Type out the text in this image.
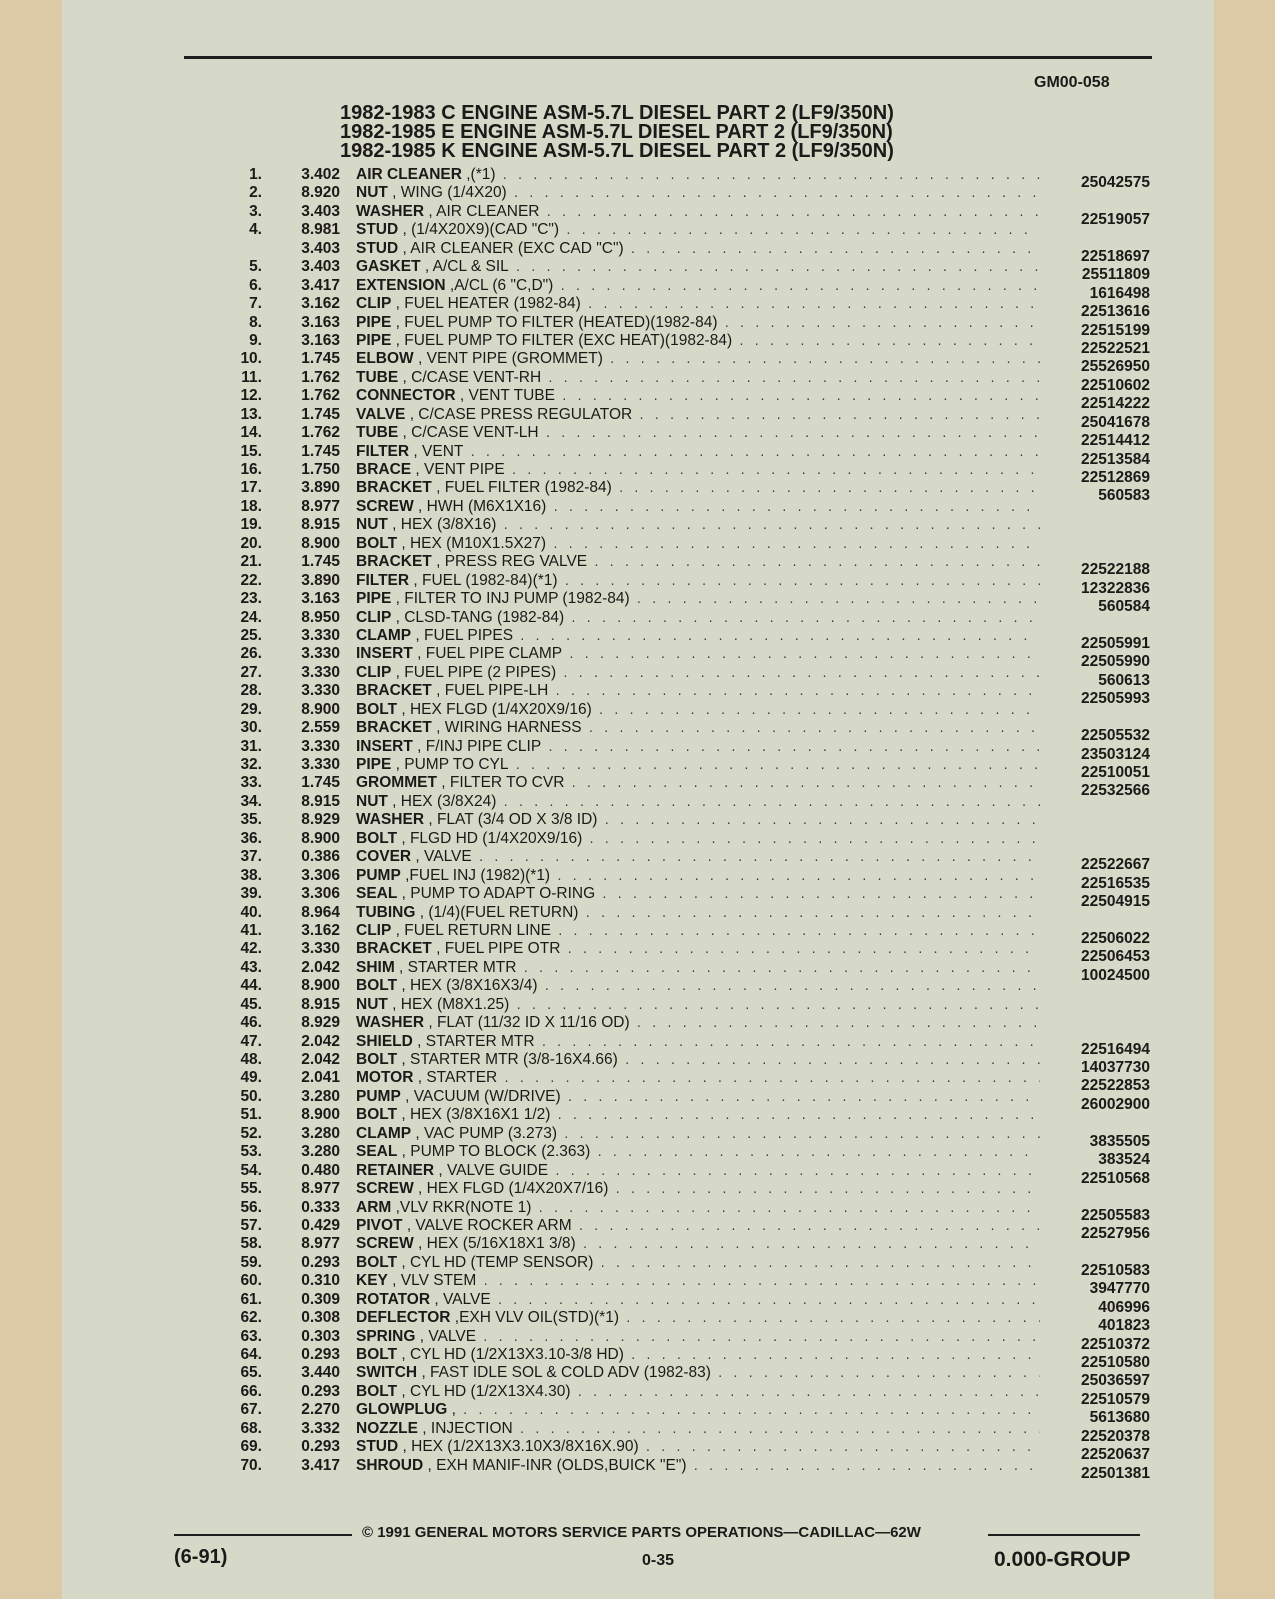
GM00-058
1982-1983 C ENGINE ASM-5.7L DIESEL PART 2 (LF9/350N)
1982-1985 E ENGINE ASM-5.7L DIESEL PART 2 (LF9/350N)
1982-1985 K ENGINE ASM-5.7L DIESEL PART 2 (LF9/350N)
1.	3.402 AIR CLEANER ,(*1) . . .	25042575
2.	8.920 NUT , WING (1/4X20)
. . .
3.	3.403 WASHER , AIR CLEANER . . .	22519057
4.	8.981 STUD , (1/4X20X9)(CAD "C")
. . .
3.403 STUD , AIR CLEANER (EXC CAD "C") . . .	22518697
5.	3.403 GASKET , A/CL & SIL . . .	25511809
6.	3.417 EXTENSION ,A/CL (6 "C,D") . . .	1616498
7.	3.162 CLIP , FUEL HEATER (1982-84) . . .	22513616
8.	3.163 PIPE , FUEL PUMP TO FILTER (HEATED)(1982-84) . . .	22515199
9.	3.163 PIPE , FUEL PUMP TO FILTER (EXC HEAT)(1982-84) . . .	22522521
10.	1.745 ELBOW , VENT PIPE (GROMMET) . . .	25526950
11.	1.762 TUBE , C/CASE VENT-RH . . .	22510602
12.	1.762 CONNECTOR , VENT TUBE . . .	22514222
13.	1.745 VALVE , C/CASE PRESS REGULATOR . . .	25041678
14.	1.762 TUBE , C/CASE VENT-LH . . .	22514412
15.	1.745 FILTER , VENT . . .	22513584
16.	1.750 BRACE , VENT PIPE . . .	22512869
17.	3.890 BRACKET , FUEL FILTER (1982-84) . . .	560583
18.	8.977 SCREW , HWH (M6X1X16)
. . .
19.	8.915 NUT , HEX (3/8X16)
. . .
20.	8.900 BOLT , HEX (M10X1.5X27)
. . .
21.	1.745 BRACKET , PRESS REG VALVE . . .	22522188
22.	3.890 FILTER , FUEL (1982-84)(*1) . . .	12322836
23.	3.163 PIPE , FILTER TO INJ PUMP (1982-84) . . .	560584
24.	8.950 CLIP , CLSD-TANG (1982-84)
. . .
25.	3.330 CLAMP , FUEL PIPES . . .	22505991
26.	3.330 INSERT , FUEL PIPE CLAMP . . .	22505990
27.	3.330 CLIP , FUEL PIPE (2 PIPES) . . .	560613
28.	3.330 BRACKET , FUEL PIPE-LH . . .	22505993
29.	8.900 BOLT , HEX FLGD (1/4X20X9/16)
. . .
30.	2.559 BRACKET , WIRING HARNESS . . .	22505532
31.	3.330 INSERT , F/INJ PIPE CLIP . . .	23503124
32.	3.330 PIPE , PUMP TO CYL . . .	22510051
33.	1.745 GROMMET , FILTER TO CVR . . .	22532566
34.	8.915 NUT , HEX (3/8X24)
. . .
35.	8.929 WASHER , FLAT (3/4 OD X 3/8 ID)
. . .
36.	8.900 BOLT , FLGD HD (1/4X20X9/16)
. . .
37.	0.386 COVER , VALVE . . .	22522667
38.	3.306 PUMP ,FUEL INJ (1982)(*1) . . .	22516535
39.	3.306 SEAL , PUMP TO ADAPT O-RING . . .	22504915
40.	8.964 TUBING , (1/4)(FUEL RETURN)
. . .
41.	3.162 CLIP , FUEL RETURN LINE . . .	22506022
42.	3.330 BRACKET , FUEL PIPE OTR . . .	22506453
43.	2.042 SHIM , STARTER MTR . . .	10024500
44.	8.900 BOLT , HEX (3/8X16X3/4)
. . .
45.	8.915 NUT , HEX (M8X1.25)
. . .
46.	8.929 WASHER , FLAT (11/32 ID X 11/16 OD)
. . .
47.	2.042 SHIELD , STARTER MTR . . .	22516494
48.	2.042 BOLT , STARTER MTR (3/8-16X4.66) . . .	14037730
49.	2.041 MOTOR , STARTER . . .	22522853
50.	3.280 PUMP , VACUUM (W/DRIVE) . . .	26002900
51.	8.900 BOLT , HEX (3/8X16X1 1/2)
. . .
52.	3.280 CLAMP , VAC PUMP (3.273) . . .	3835505
53.	3.280 SEAL , PUMP TO BLOCK (2.363) . . .	383524
54.	0.480 RETAINER , VALVE GUIDE . . .	22510568
55.	8.977 SCREW , HEX FLGD (1/4X20X7/16)
. . .
56.	0.333 ARM ,VLV RKR(NOTE 1) . . .	22505583
57.	0.429 PIVOT , VALVE ROCKER ARM . . .	22527956
58.	8.977 SCREW , HEX (5/16X18X1 3/8)
. . .
59.	0.293 BOLT , CYL HD (TEMP SENSOR) . . .	22510583
60.	0.310 KEY , VLV STEM . . .	3947770
61.	0.309 ROTATOR , VALVE . . .	406996
62.	0.308 DEFLECTOR ,EXH VLV OIL(STD)(*1) . . .	401823
63.	0.303 SPRING , VALVE . . .	22510372
64.	0.293 BOLT , CYL HD (1/2X13X3.10-3/8 HD) . . .	22510580
65.	3.440 SWITCH , FAST IDLE SOL & COLD ADV (1982-83) . . .	25036597
66.	0.293 BOLT , CYL HD (1/2X13X4.30) . . .	22510579
67.	2.270 GLOWPLUG , . . .	5613680
68.	3.332 NOZZLE , INJECTION . . .	22520378
69.	0.293 STUD , HEX (1/2X13X3.10X3/8X16X.90) . . .	22520637
70.	3.417 SHROUD , EXH MANIF-INR (OLDS,BUICK "E") . . .	22501381
© 1991 GENERAL MOTORS SERVICE PARTS OPERATIONS—CADILLAC—62W
(6-91)	0-35	0.000-GROUP
